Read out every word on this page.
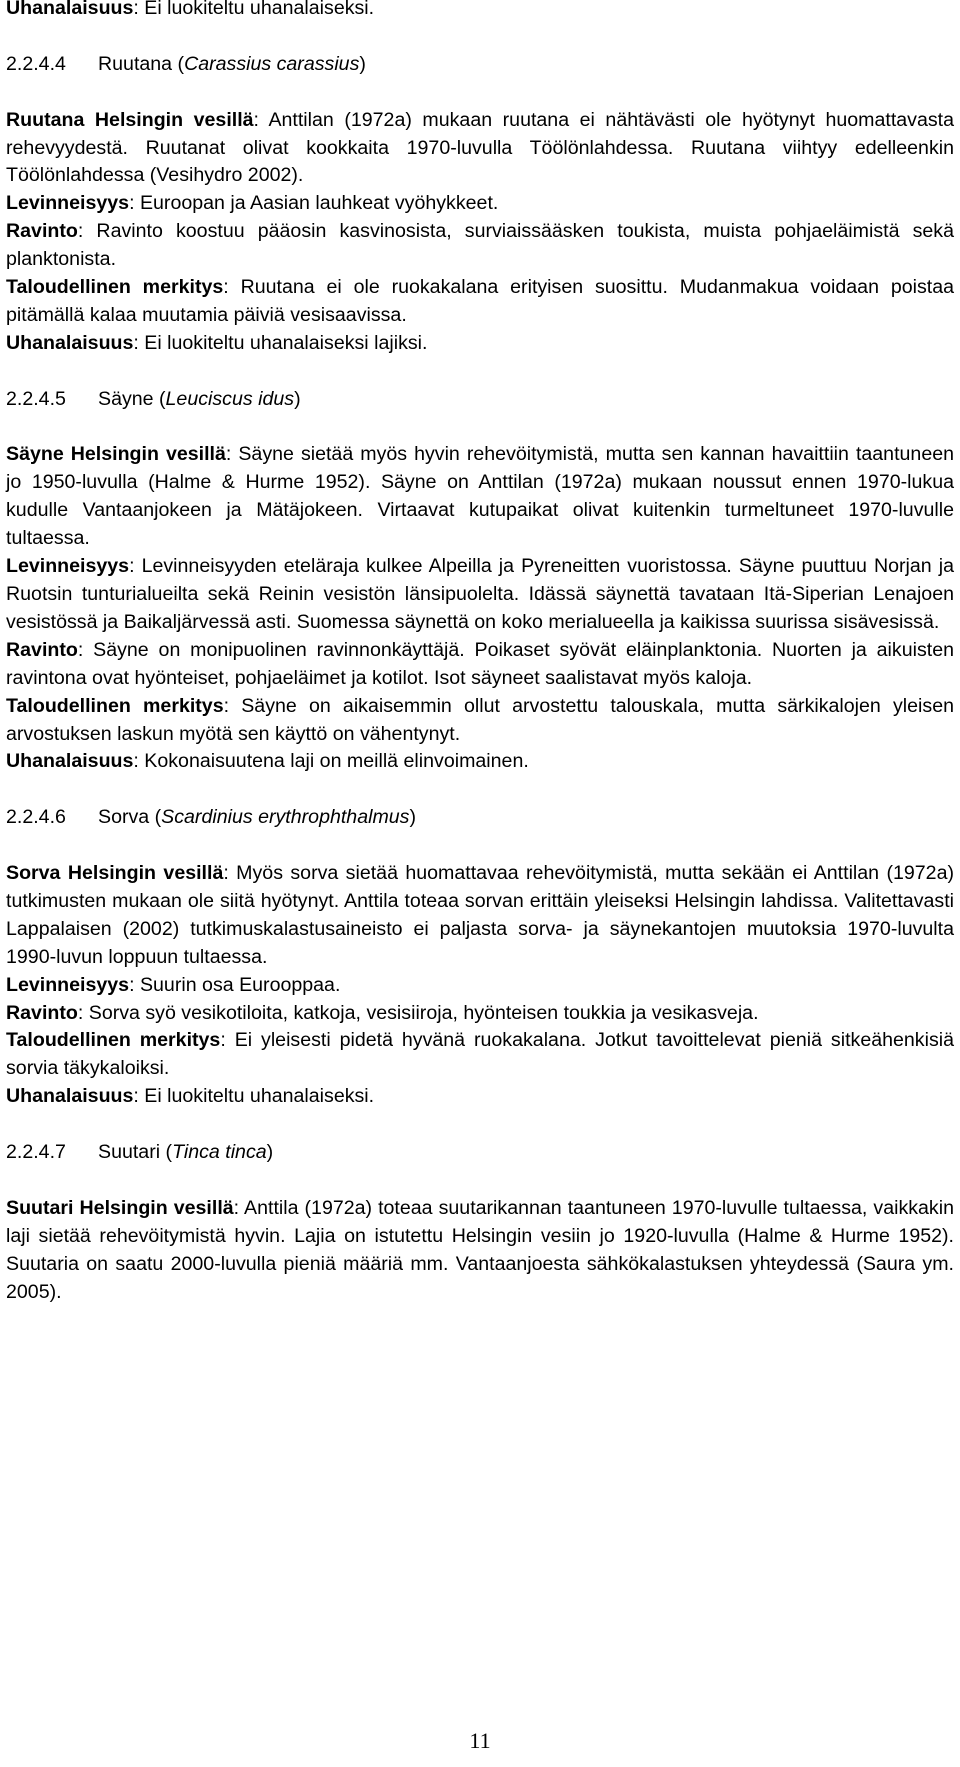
Uhanalaisuus: Ei luokiteltu uhanalaiseksi.

2.2.4.4 Ruutana (Carassius carassius)

Ruutana Helsingin vesillä: Anttilan (1972a) mukaan ruutana ei nähtävästi ole hyötynyt huomattavasta rehevyydestä. Ruutanat olivat kookkaita 1970-luvulla Töölönlahdessa. Ruutana viihtyy edelleenkin Töölönlahdessa (Vesihydro 2002).

Levinneisyys: Euroopan ja Aasian lauhkeat vyöhykkeet.

Ravinto: Ravinto koostuu pääosin kasvinosista, surviaissääsken toukista, muista pohjaeläimistä sekä planktonista.

Taloudellinen merkitys: Ruutana ei ole ruokakalana erityisen suosittu. Mudanmakua voidaan poistaa pitämällä kalaa muutamia päiviä vesisaavissa.

Uhanalaisuus: Ei luokiteltu uhanalaiseksi lajiksi.

2.2.4.5 Säyne (Leuciscus idus)

Säyne Helsingin vesillä: Säyne sietää myös hyvin rehevöitymistä, mutta sen kannan havaittiin taantuneen jo 1950-luvulla (Halme & Hurme 1952). Säyne on Anttilan (1972a) mukaan noussut ennen 1970-lukua kudulle Vantaanjokeen ja Mätäjokeen. Virtaavat kutupaikat olivat kuitenkin turmeltuneet 1970-luvulle tultaessa.

Levinneisyys: Levinneisyyden eteläraja kulkee Alpeilla ja Pyreneitten vuoristossa. Säyne puuttuu Norjan ja Ruotsin tunturialueilta sekä Reinin vesistön länsipuolelta. Idässä säynettä tavataan Itä-Siperian Lenajoen vesistössä ja Baikaljärvessä asti. Suomessa säynettä on koko merialueella ja kaikissa suurissa sisävesissä.

Ravinto: Säyne on monipuolinen ravinnonkäyttäjä. Poikaset syövät eläinplanktonia. Nuorten ja aikuisten ravintona ovat hyönteiset, pohjaeläimet ja kotilot. Isot säyneet saalistavat myös kaloja.

Taloudellinen merkitys: Säyne on aikaisemmin ollut arvostettu talouskala, mutta särkikalojen yleisen arvostuksen laskun myötä sen käyttö on vähentynyt.

Uhanalaisuus: Kokonaisuutena laji on meillä elinvoimainen.

2.2.4.6 Sorva (Scardinius erythrophthalmus)

Sorva Helsingin vesillä: Myös sorva sietää huomattavaa rehevöitymistä, mutta sekään ei Anttilan (1972a) tutkimusten mukaan ole siitä hyötynyt. Anttila toteaa sorvan erittäin yleiseksi Helsingin lahdissa. Valitettavasti Lappalaisen (2002) tutkimuskalastusaineisto ei paljasta sorva- ja säynekantojen muutoksia 1970-luvulta 1990-luvun loppuun tultaessa.

Levinneisyys: Suurin osa Eurooppaa.

Ravinto: Sorva syö vesikotiloita, katkoja, vesisiiroja, hyönteisen toukkia ja vesikasveja.

Taloudellinen merkitys: Ei yleisesti pidetä hyvänä ruokakalana. Jotkut tavoittelevat pieniä sitkeähenkisiä sorvia täkykaloiksi.

Uhanalaisuus: Ei luokiteltu uhanalaiseksi.

2.2.4.7 Suutari (Tinca tinca)

Suutari Helsingin vesillä: Anttila (1972a) toteaa suutarikannan taantuneen 1970-luvulle tultaessa, vaikkakin laji sietää rehevöitymistä hyvin. Lajia on istutettu Helsingin vesiin jo 1920-luvulla (Halme & Hurme 1952). Suutaria on saatu 2000-luvulla pieniä määriä mm. Vantaanjoesta sähkökalastuksen yhteydessä (Saura ym. 2005).

11
